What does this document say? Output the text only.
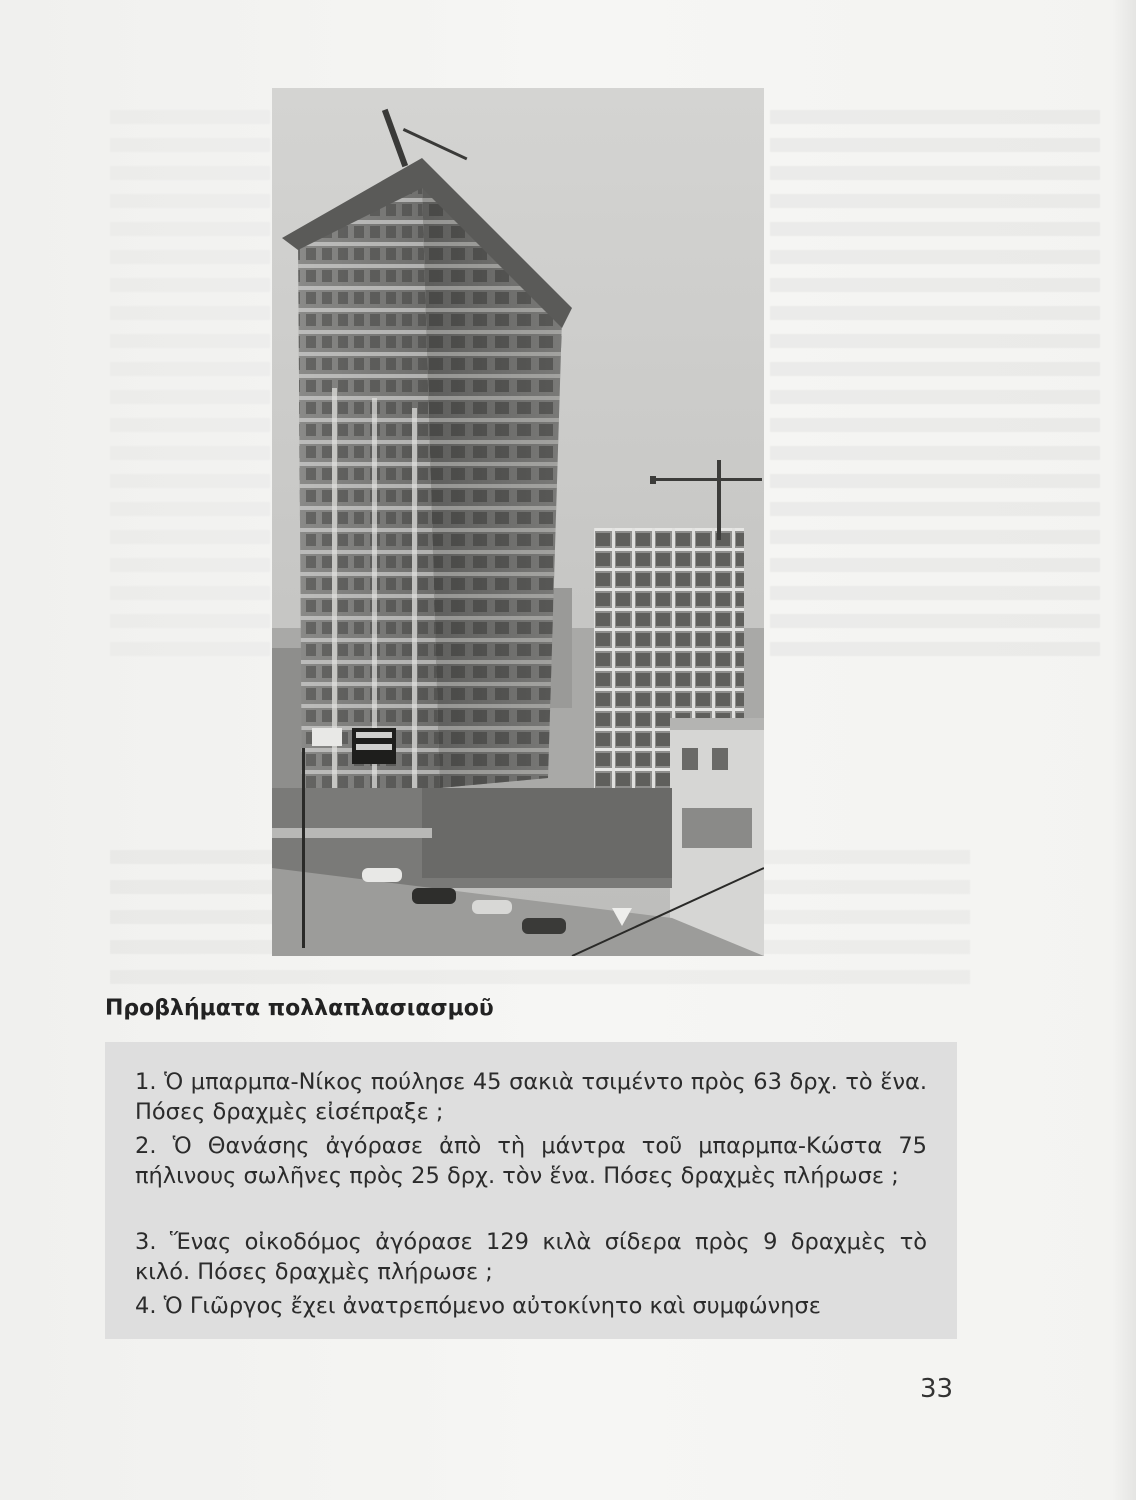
Προβλήματα πολλαπλασιασμοῦ
1. Ὁ μπαρμπα-Νίκος πούλησε 45 σακιὰ τσιμέντο πρὸς 63 δρχ. τὸ ἕνα. Πόσες δραχμὲς εἰσέπραξε ;
2. Ὁ Θανάσης ἀγόρασε ἀπὸ τὴ μάντρα τοῦ μπαρμπα-Κώστα 75 πήλινους σωλῆνες πρὸς 25 δρχ. τὸν ἕνα. Πόσες δραχμὲς πλήρωσε ;
3. Ἕνας οἰκοδόμος ἀγόρασε 129 κιλὰ σίδερα πρὸς 9 δραχμὲς τὸ κιλό. Πόσες δραχμὲς πλήρωσε ;
4. Ὁ Γιῶργος ἔχει ἀνατρεπόμενο αὐτοκίνητο καὶ συμφώνησε
33
